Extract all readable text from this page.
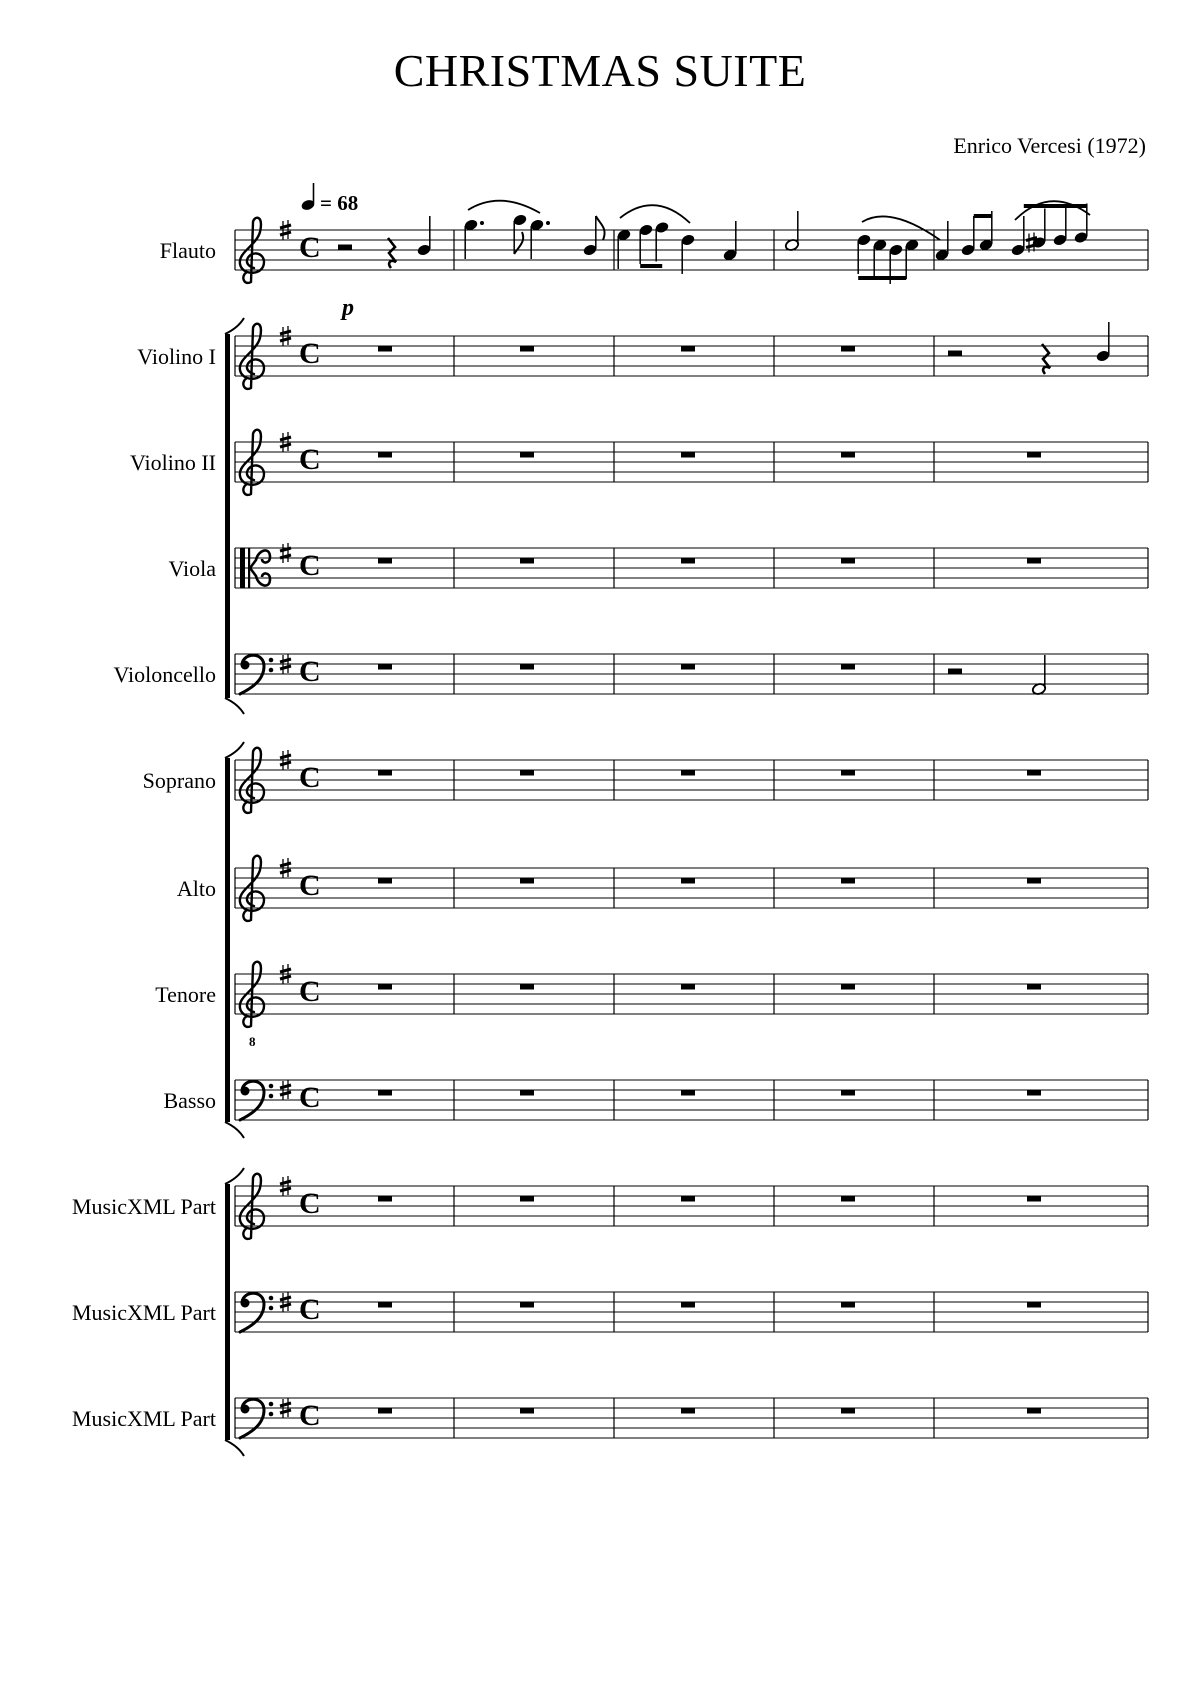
CHRISTMAS SUITE
Enrico Vercesi (1972)
Flauto
Violino I
Violino II
Viola
Violoncello
Soprano
Alto
Tenore
Basso
MusicXML Part
MusicXML Part
MusicXML Part
C
C
C
C
C
C
C
8
C
C
C
C
C
= 68
p
